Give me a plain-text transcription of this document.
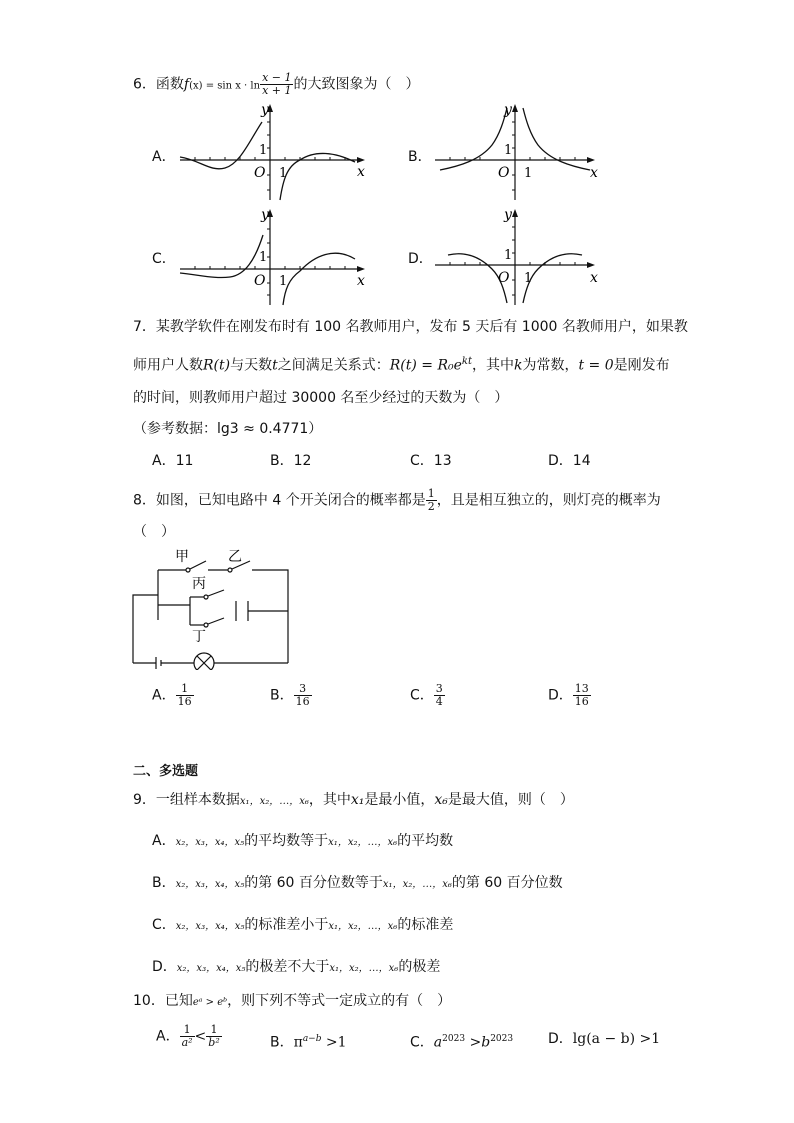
6．函数$f(x) = \sin x \cdot \ln \frac{x - 1}{x + 1}$ 的大致图象为（　）
A．
y
x
O 1
1	B．
y
x
O 1
1
C．
y
x
O 1
1	D．
y
x
O 1
1
7．某教学软件在刚发布时有 100 名教师用户，发布 5 天后有 1000 名教师用户，如果教
师用户人数R(t)与天数t之间满足关系式：$R(t) = R_0e^{kt}$，其中k为常数，t = 0是刚发布
的时间，则教师用户超过 30000 名至少经过的天数为（　）
（参考数据：lg3 ≈ 0.4771）
A．11	B．12	C．13	D．14
8．如图，已知电路中 4 个开关闭合的概率都是 $\frac{1}{2}$ ，且是相互独立的，则灯亮的概率为
（　）
甲	乙
丙
丁
A． $\frac{1}{16}$	B． $\frac{3}{16}$	C． $\frac{3}{4}$	D． $\frac{13}{16}$
二、多选题
9．一组样本数据x₁，x₂，…，x₆，其中x₁是最小值，x₆是最大值，则（　）
A．x₂，x₃，x₄，x₅的平均数等于x₁，x₂，…，x₆的平均数
B．x₂，x₃，x₄，x₅的第 60 百分位数等于x₁，x₂，…，x₆的第 60 百分位数
C．x₂，x₃，x₄，x₅的标准差小于x₁，x₂，…，x₆的标准差
D．x₂，x₃，x₄，x₅的极差不大于x₁，x₂，…，x₆的极差
10．已知eᵃ > eᵇ，则下列不等式一定成立的有（　）
A． $\frac{1}{\text{a²}} < \frac{1}{\text{b²}}$	B．$\pi^{a-b} >1$	C．$a^{2023} >b^{2023}$ D．lg(a − b) >1
